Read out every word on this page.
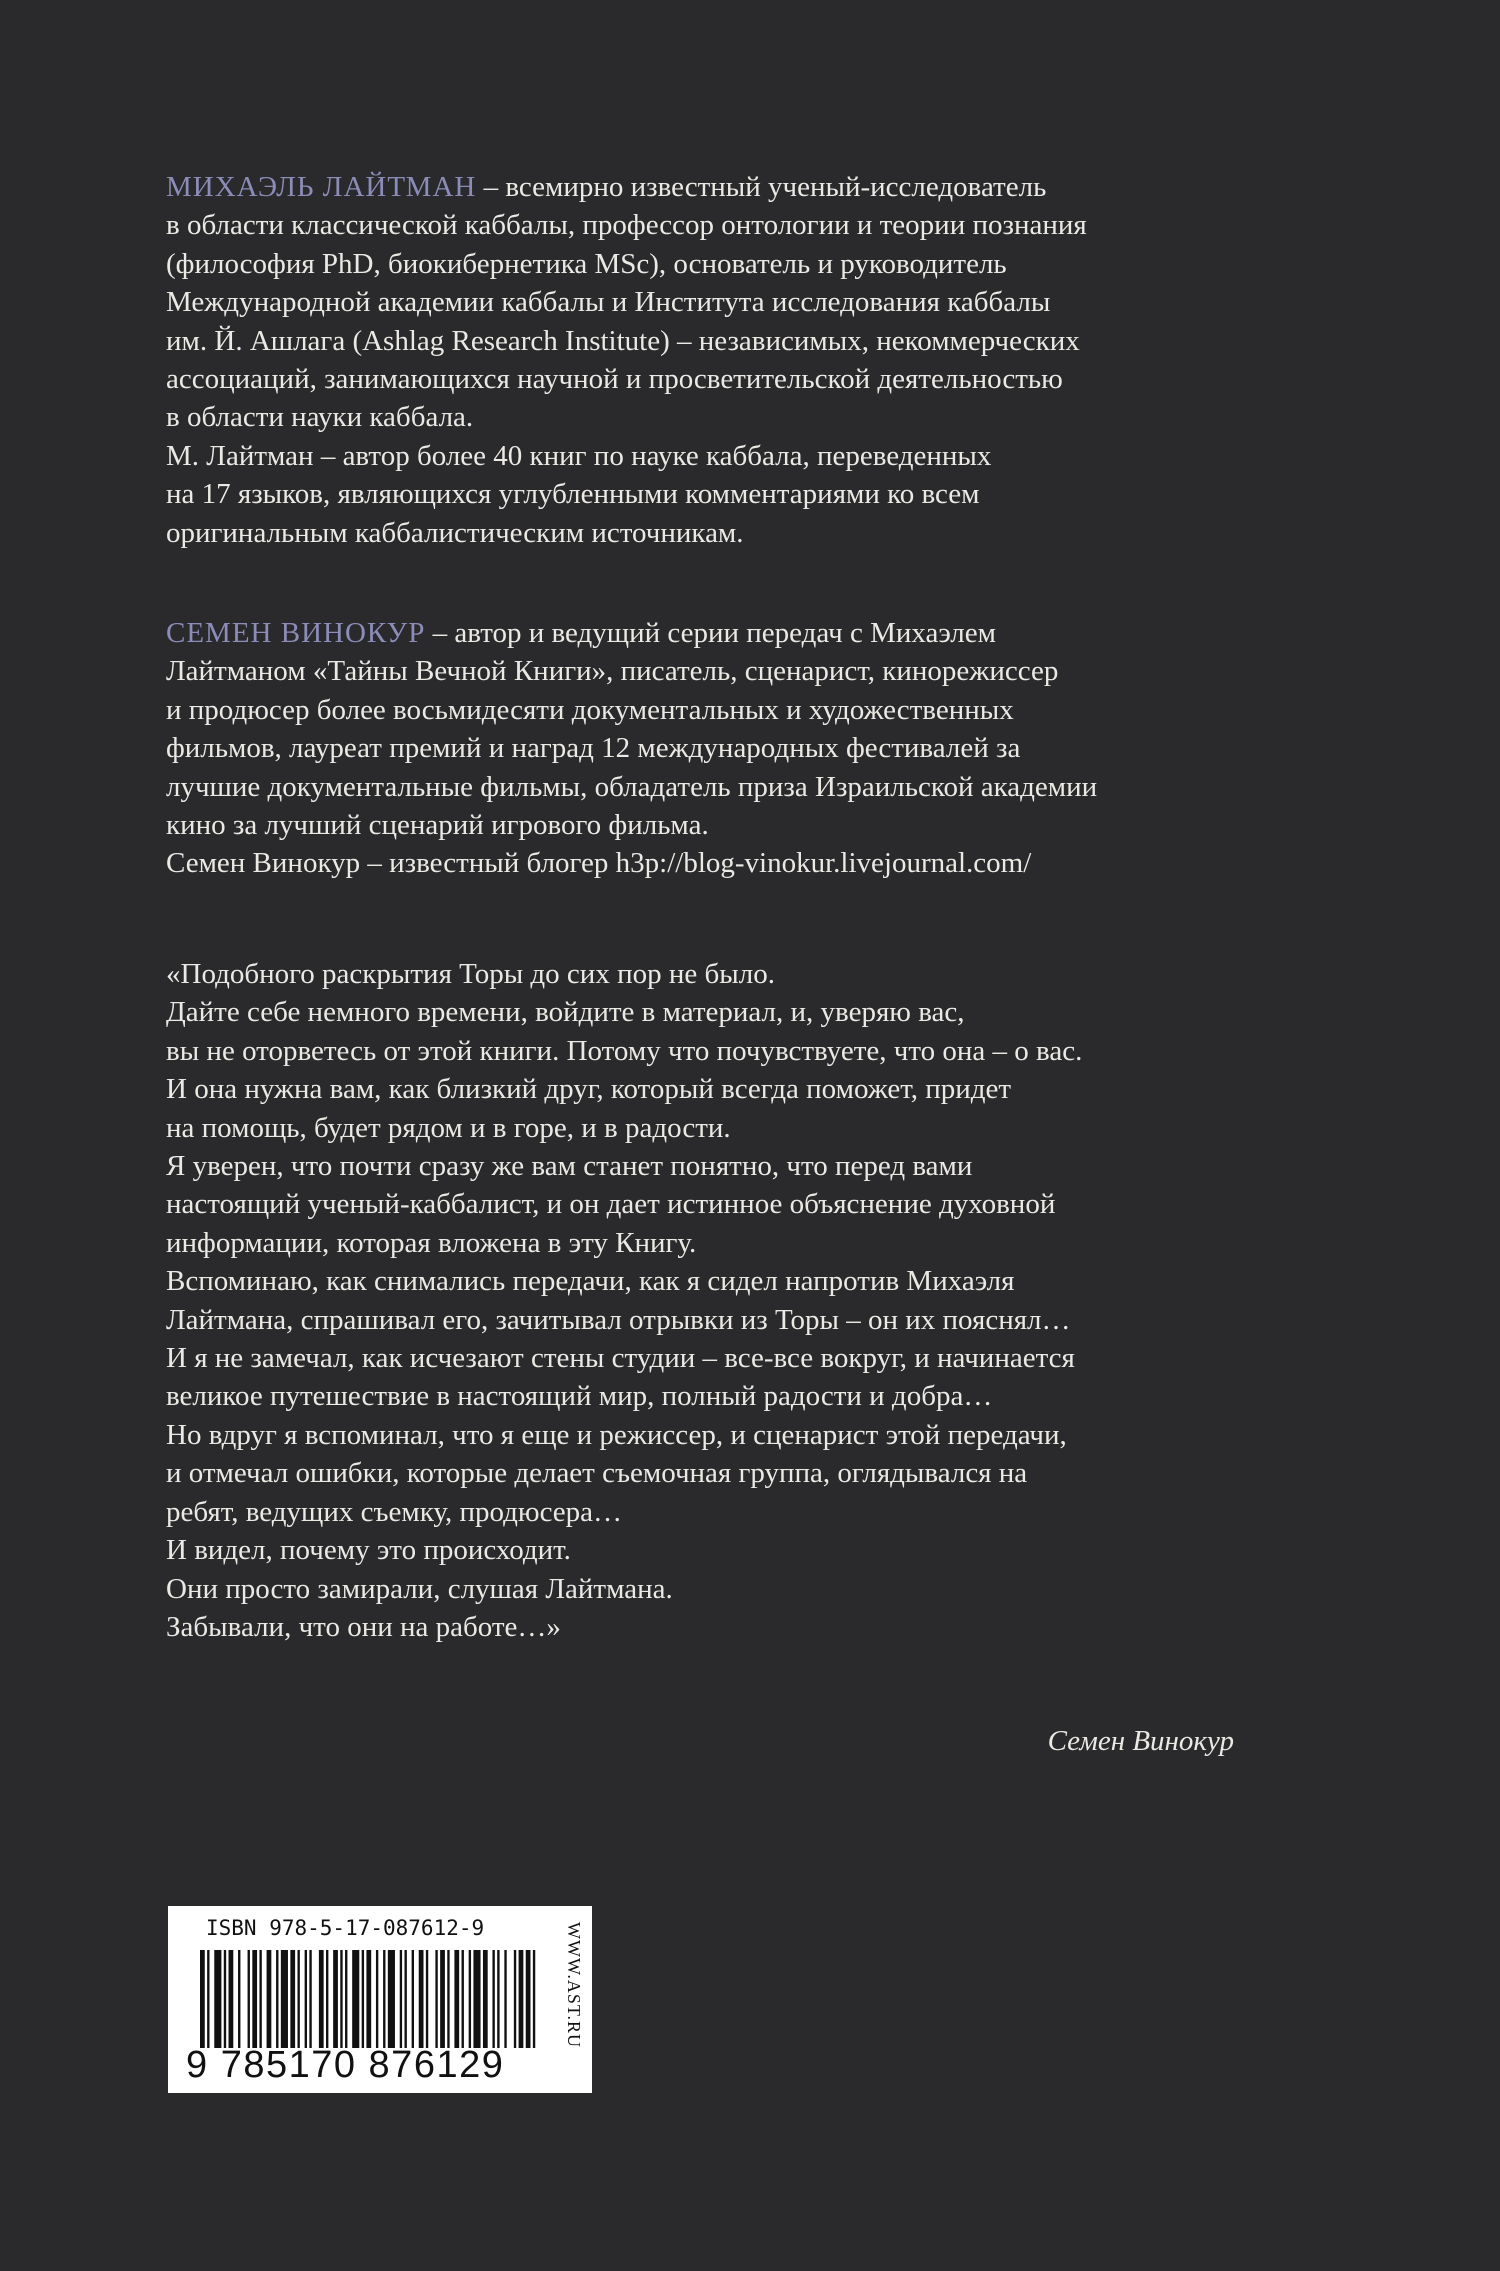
МИХАЭЛЬ ЛАЙТМАН – всемирно известный ученый-исследователь
в области классической каббалы, профессор онтологии и теории познания
(философия PhD, биокибернетика MSc), основатель и руководитель
Международной академии каббалы и Института исследования каббалы
им. Й. Ашлага (Ashlag Research Institute) – независимых, некоммерческих
ассоциаций, занимающихся научной и просветительской деятельностью
в области науки каббала.
М. Лайтман – автор более 40 книг по науке каббала, переведенных
на 17 языков, являющихся углубленными комментариями ко всем
оригинальным каббалистическим источникам.
СЕМЕН ВИНОКУР – автор и ведущий серии передач с Михаэлем
Лайтманом «Тайны Вечной Книги», писатель, сценарист, кинорежиссер
и продюсер более восьмидесяти документальных и художественных
фильмов, лауреат премий и наград 12 международных фестивалей за
лучшие документальные фильмы, обладатель приза Израильской академии
кино за лучший сценарий игрового фильма.
Семен Винокур – известный блогер h3p://blog-vinokur.livejournal.com/
«Подобного раскрытия Торы до сих пор не было.
Дайте себе немного времени, войдите в материал, и, уверяю вас,
вы не оторветесь от этой книги. Потому что почувствуете, что она – о вас.
И она нужна вам, как близкий друг, который всегда поможет, придет
на помощь, будет рядом и в горе, и в радости.
Я уверен, что почти сразу же вам станет понятно, что перед вами
настоящий ученый-каббалист, и он дает истинное объяснение духовной
информации, которая вложена в эту Книгу.
Вспоминаю, как снимались передачи, как я сидел напротив Михаэля
Лайтмана, спрашивал его, зачитывал отрывки из Торы – он их пояснял…
И я не замечал, как исчезают стены студии – все-все вокруг, и начинается
великое путешествие в настоящий мир, полный радости и добра…
Но вдруг я вспоминал, что я еще и режиссер, и сценарист этой передачи,
и отмечал ошибки, которые делает съемочная группа, оглядывался на
ребят, ведущих съемку, продюсера…
И видел, почему это происходит.
Они просто замирали, слушая Лайтмана.
Забывали, что они на работе…»
Семен Винокур
ISBN 978-5-17-087612-9
9 785170 876129
WWW.AST.RU
